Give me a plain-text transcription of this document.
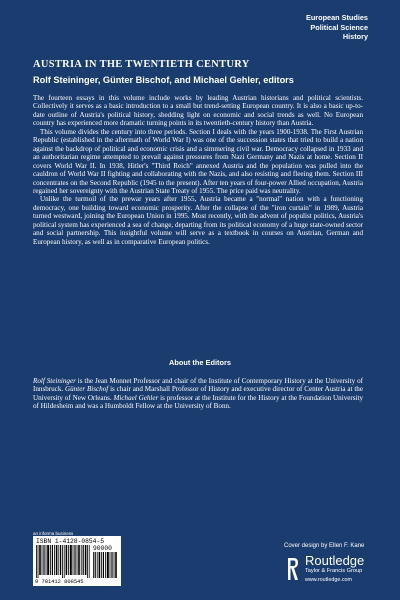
European Studies
Political Science
History
AUSTRIA IN THE TWENTIETH CENTURY
Rolf Steininger, Günter Bischof, and Michael Gehler, editors

The fourteen essays in this volume include works by leading Austrian historians and political scientists. Collectively it serves as a basic introduction to a small but trend-setting European country. It is also a basic up-to-date outline of Austria's political history, shedding light on economic and social trends as well. No European country has experienced more dramatic turning points in its twentieth-century history than Austria.

This volume divides the century into three periods. Section I deals with the years 1900-1938. The First Austrian Republic (established in the aftermath of World War I) was one of the succession states that tried to build a nation against the backdrop of political and economic crisis and a simmering civil war. Democracy collapsed in 1933 and an authoritarian regime attempted to prevail against pressures from Nazi Germany and Nazis at home. Section II covers World War II. In 1938, Hitler's "Third Reich" annexed Austria and the population was pulled into the cauldron of World War II fighting and collaborating with the Nazis, and also resisting and fleeing them. Section III concentrates on the Second Republic (1945 to the present). After ten years of four-power Allied occupation, Austria regained her sovereignty with the Austrian State Treaty of 1955. The price paid was neutrality.

Unlike the turmoil of the prewar years after 1955, Austria became a "normal" nation with a functioning democracy, one building toward economic prosperity. After the collapse of the "iron curtain" in 1989, Austria turned westward, joining the European Union in 1995. Most recently, with the advent of populist politics, Austria's political system has experienced a sea of change, departing from its political economy of a huge state-owned sector and social partnership. This insightful volume will serve as a textbook in courses on Austrian, German and European history, as well as in comparative European politics.

About the Editors

Rolf Steininger is the Jean Monnet Professor and chair of the Institute of Contemporary History at the University of Innsbruck. Günter Bischof is chair and Marshall Professor of History and executive director of Center Austria at the University of New Orleans. Michael Gehler is professor at the Institute for the History at the Foundation University of Hildesheim and was a Humboldt Fellow at the University of Bonn.

an informa business
ISBN 1-4128-0854-5
90000
9 781412 808545
Cover design by Ellen F. Kane
Routledge
Taylor & Francis Group
www.routledge.com
